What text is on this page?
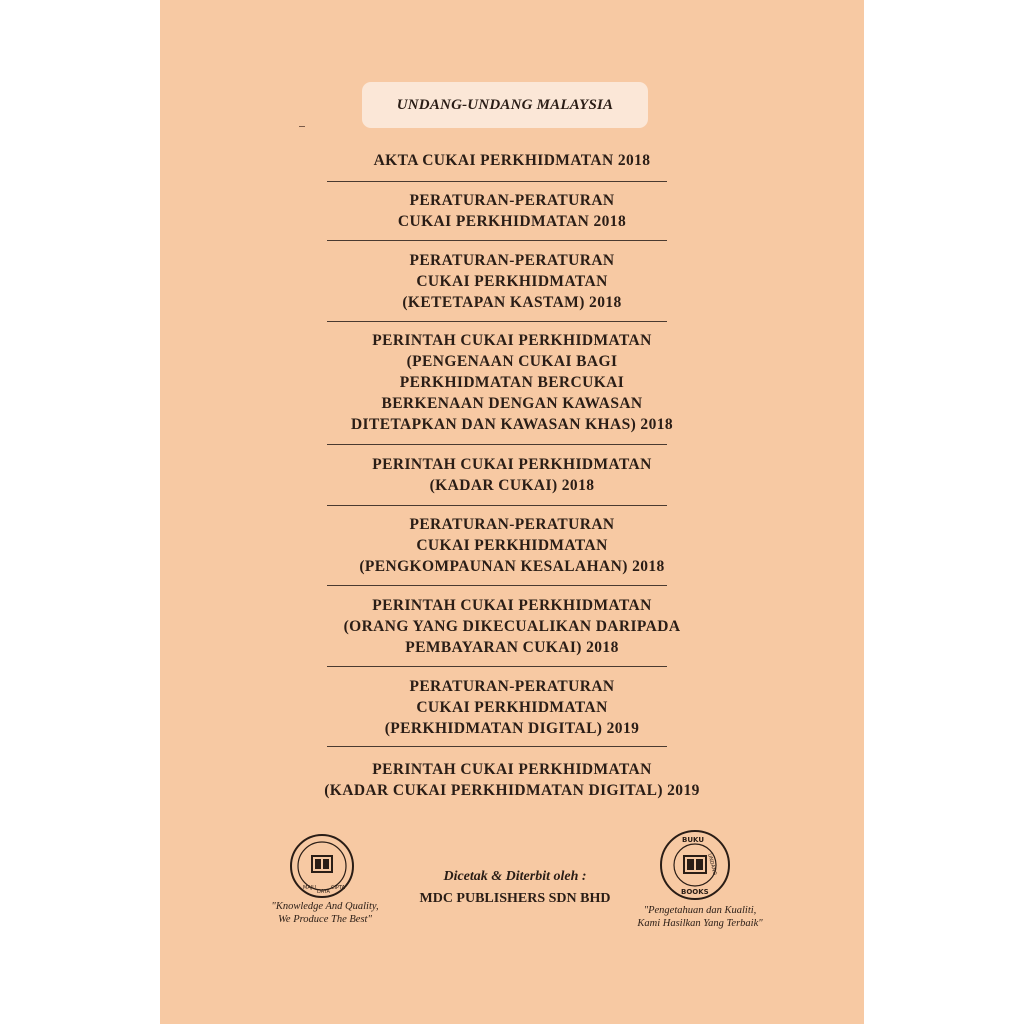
UNDANG-UNDANG MALAYSIA
AKTA CUKAI PERKHIDMATAN 2018
PERATURAN-PERATURAN
CUKAI PERKHIDMATAN 2018
PERATURAN-PERATURAN
CUKAI PERKHIDMATAN
(KETETAPAN KASTAM) 2018
PERINTAH CUKAI PERKHIDMATAN
(PENGENAAN CUKAI BAGI
PERKHIDMATAN BERCUKAI
BERKENAAN DENGAN KAWASAN
DITETAPKAN DAN KAWASAN KHAS) 2018
PERINTAH CUKAI PERKHIDMATAN
(KADAR CUKAI) 2018
PERATURAN-PERATURAN
CUKAI PERKHIDMATAN
(PENGKOMPAUNAN KESALAHAN) 2018
PERINTAH CUKAI PERKHIDMATAN
(ORANG YANG DIKECUALIKAN DARIPADA
PEMBAYARAN CUKAI) 2018
PERATURAN-PERATURAN
CUKAI PERKHIDMATAN
(PERKHIDMATAN DIGITAL) 2019
PERINTAH CUKAI PERKHIDMATAN
(KADAR CUKAI PERKHIDMATAN DIGITAL) 2019
MAJU
DAYA
CIPTA
"Knowledge And Quality,
We Produce The Best"
Dicetak & Diterbit oleh :
MDC PUBLISHERS SDN BHD
BUKU
UNDANG
BOOKS
"Pengetahuan dan Kualiti,
Kami Hasilkan Yang Terbaik"
